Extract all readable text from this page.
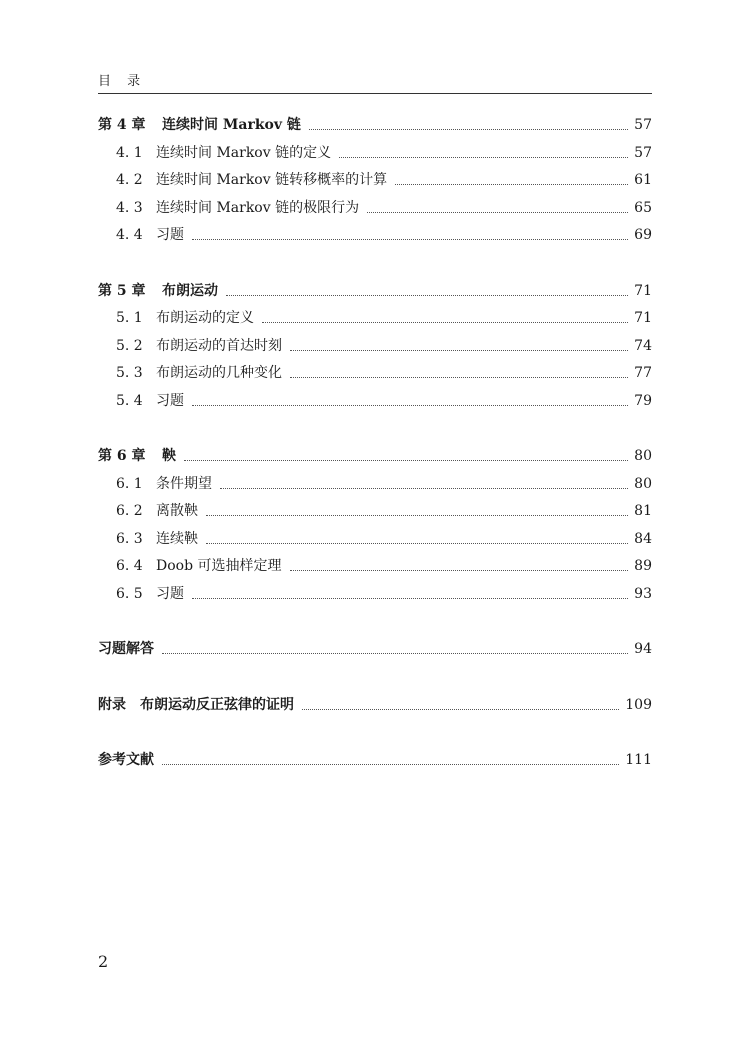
目 录
第 4 章	连续时间 Markov 链	57
4. 1 连续时间 Markov 链的定义	57
4. 2 连续时间 Markov 链转移概率的计算	61
4. 3 连续时间 Markov 链的极限行为	65
4. 4 习题	69
第 5 章	布朗运动	71
5. 1 布朗运动的定义	71
5. 2 布朗运动的首达时刻	74
5. 3 布朗运动的几种变化	77
5. 4 习题	79
第 6 章	鞅	80
6. 1 条件期望	80
6. 2 离散鞅	81
6. 3 连续鞅	84
6. 4 Doob 可选抽样定理	89
6. 5 习题	93
习题解答	94
附录　布朗运动反正弦律的证明	109
参考文献	111
2
